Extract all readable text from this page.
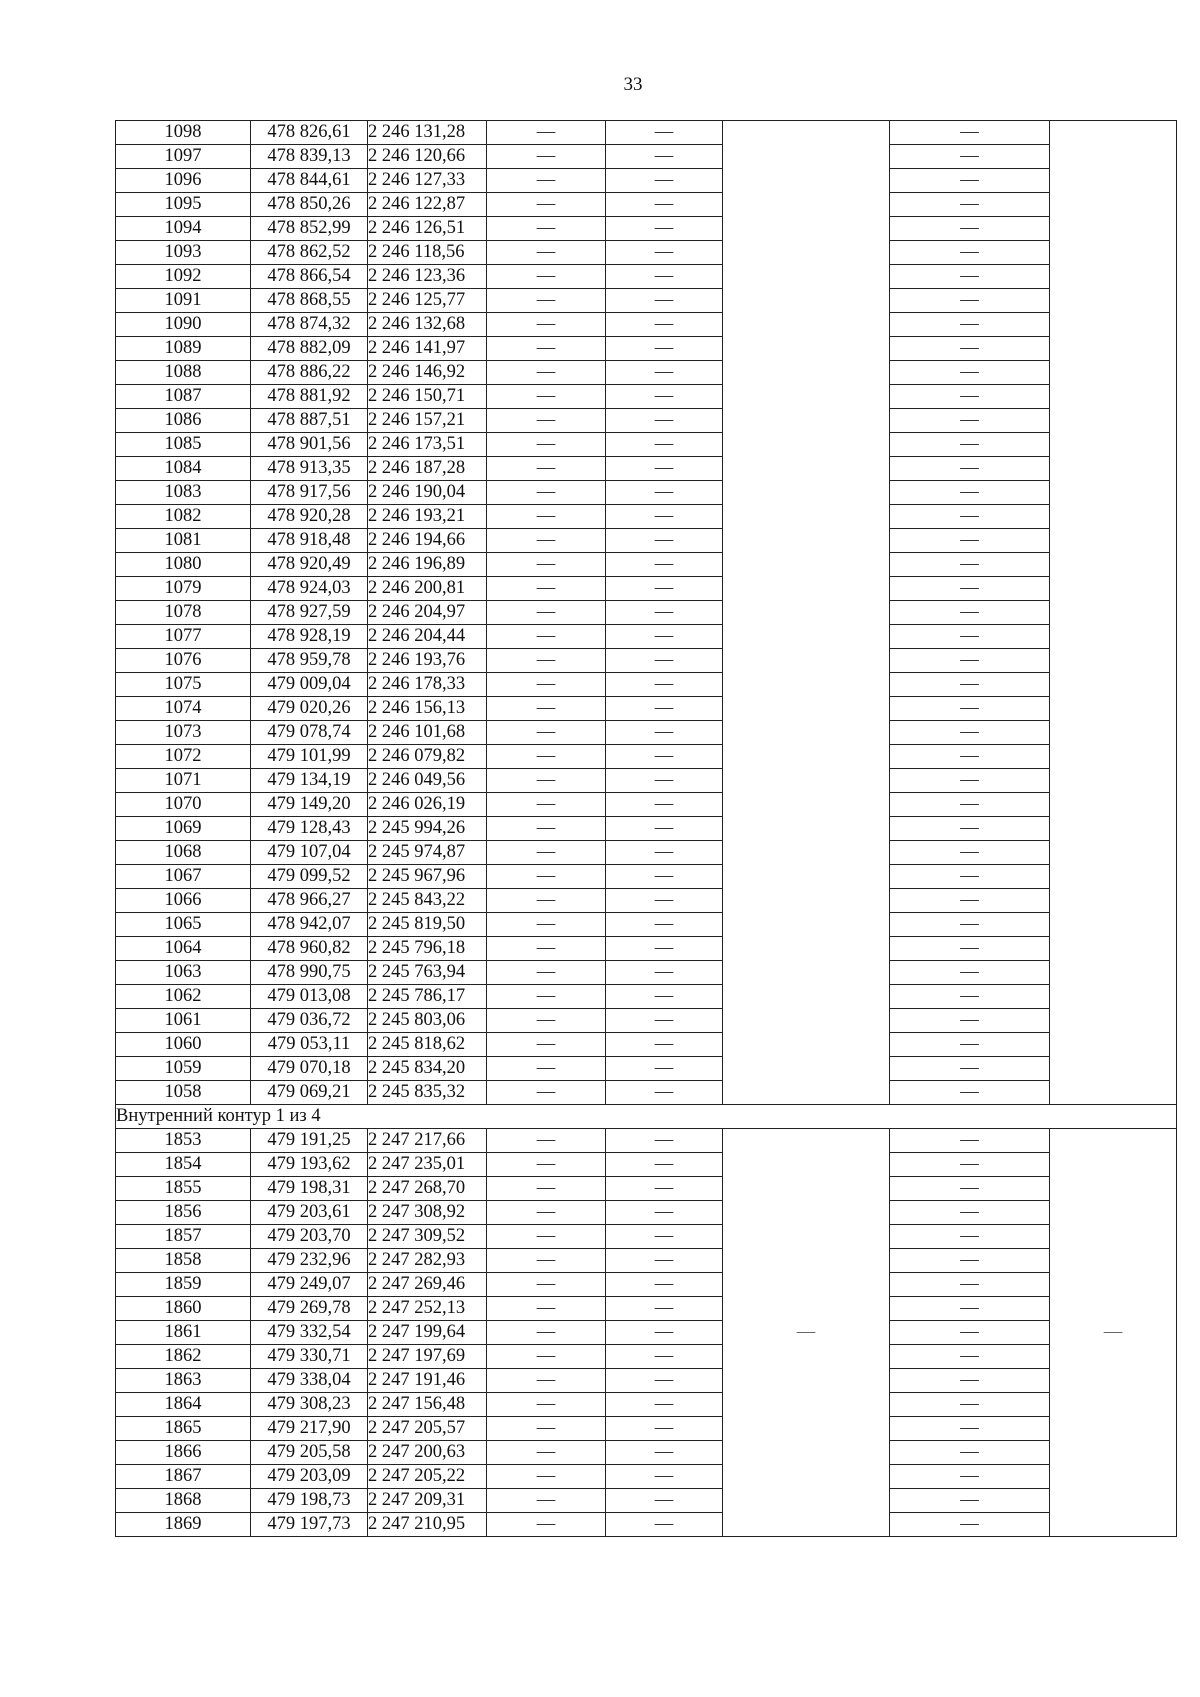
33
1098	478 826,61	2 246 131,28	—	—		—	
1097	478 839,13	2 246 120,66	—	—		—	
1096	478 844,61	2 246 127,33	—	—		—	
1095	478 850,26	2 246 122,87	—	—		—	
1094	478 852,99	2 246 126,51	—	—		—	
1093	478 862,52	2 246 118,56	—	—		—	
1092	478 866,54	2 246 123,36	—	—		—	
1091	478 868,55	2 246 125,77	—	—		—	
1090	478 874,32	2 246 132,68	—	—		—	
1089	478 882,09	2 246 141,97	—	—		—	
1088	478 886,22	2 246 146,92	—	—		—	
1087	478 881,92	2 246 150,71	—	—		—	
1086	478 887,51	2 246 157,21	—	—		—	
1085	478 901,56	2 246 173,51	—	—		—	
1084	478 913,35	2 246 187,28	—	—		—	
1083	478 917,56	2 246 190,04	—	—		—	
1082	478 920,28	2 246 193,21	—	—		—	
1081	478 918,48	2 246 194,66	—	—		—	
1080	478 920,49	2 246 196,89	—	—		—	
1079	478 924,03	2 246 200,81	—	—		—	
1078	478 927,59	2 246 204,97	—	—		—	
1077	478 928,19	2 246 204,44	—	—		—	
1076	478 959,78	2 246 193,76	—	—		—	
1075	479 009,04	2 246 178,33	—	—		—	
1074	479 020,26	2 246 156,13	—	—		—	
1073	479 078,74	2 246 101,68	—	—		—	
1072	479 101,99	2 246 079,82	—	—		—	
1071	479 134,19	2 246 049,56	—	—		—	
1070	479 149,20	2 246 026,19	—	—		—	
1069	479 128,43	2 245 994,26	—	—		—	
1068	479 107,04	2 245 974,87	—	—		—	
1067	479 099,52	2 245 967,96	—	—		—	
1066	478 966,27	2 245 843,22	—	—		—	
1065	478 942,07	2 245 819,50	—	—		—	
1064	478 960,82	2 245 796,18	—	—		—	
1063	478 990,75	2 245 763,94	—	—		—	
1062	479 013,08	2 245 786,17	—	—		—	
1061	479 036,72	2 245 803,06	—	—		—	
1060	479 053,11	2 245 818,62	—	—		—	
1059	479 070,18	2 245 834,20	—	—		—	
1058	479 069,21	2 245 835,32	—	—		—	
Внутренний контур 1 из 4							
1853	479 191,25	2 247 217,66	—	—	—	—	—
1854	479 193,62	2 247 235,01	—	—		—	
1855	479 198,31	2 247 268,70	—	—		—	
1856	479 203,61	2 247 308,92	—	—		—	
1857	479 203,70	2 247 309,52	—	—		—	
1858	479 232,96	2 247 282,93	—	—		—	
1859	479 249,07	2 247 269,46	—	—		—	
1860	479 269,78	2 247 252,13	—	—		—	
1861	479 332,54	2 247 199,64	—	—		—	
1862	479 330,71	2 247 197,69	—	—		—	
1863	479 338,04	2 247 191,46	—	—		—	
1864	479 308,23	2 247 156,48	—	—		—	
1865	479 217,90	2 247 205,57	—	—		—	
1866	479 205,58	2 247 200,63	—	—		—	
1867	479 203,09	2 247 205,22	—	—		—	
1868	479 198,73	2 247 209,31	—	—		—	
1869	479 197,73	2 247 210,95	—	—		—	
